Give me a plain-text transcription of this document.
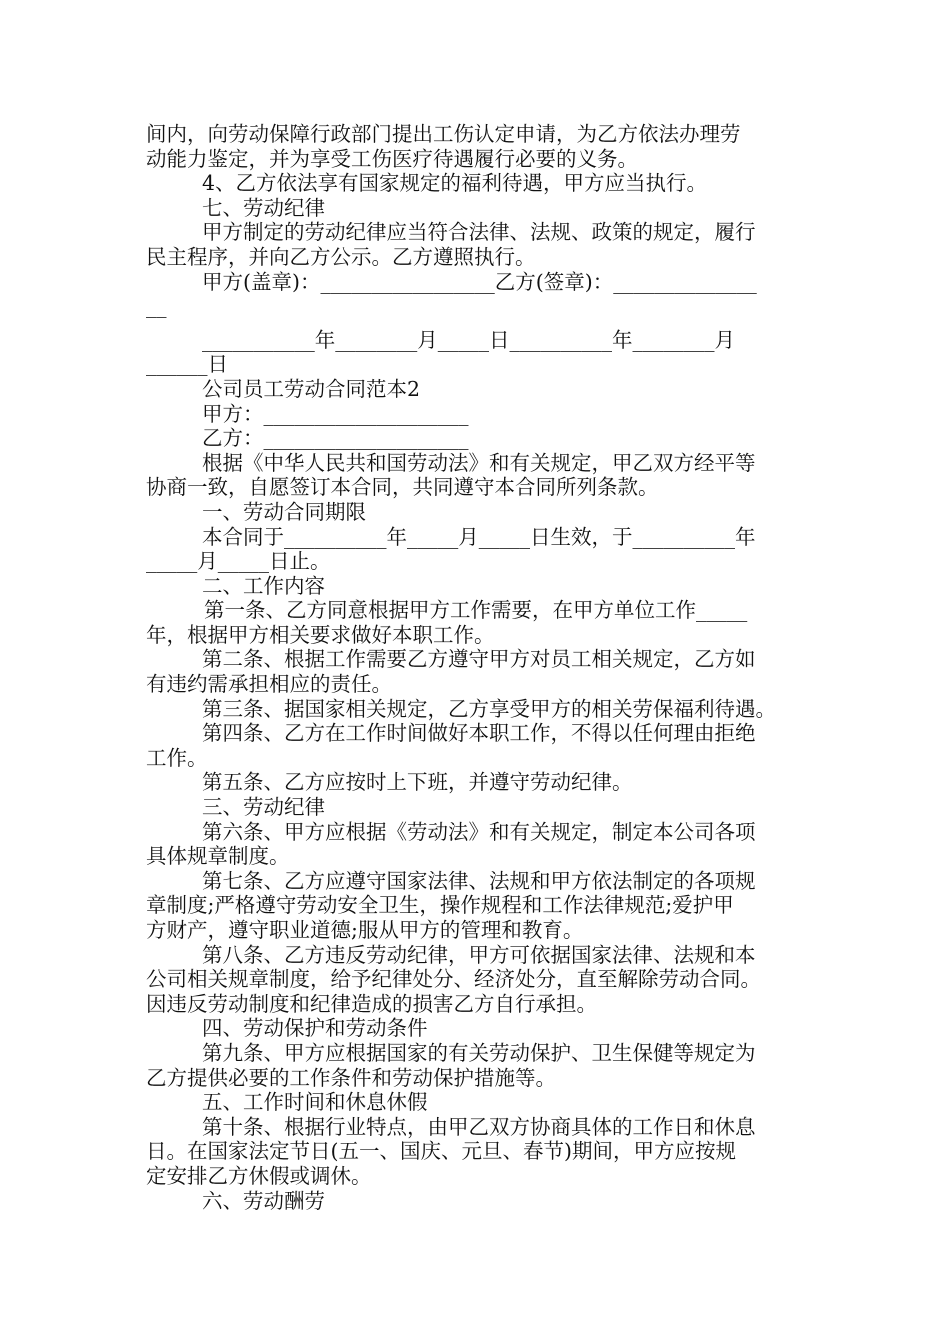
间内，向劳动保障行政部门提出工伤认定申请，为乙方依法办理劳
动能力鉴定，并为享受工伤医疗待遇履行必要的义务。
4、乙方依法享有国家规定的福利待遇，甲方应当执行。
七、劳动纪律
甲方制定的劳动纪律应当符合法律、法规、政策的规定，履行
民主程序，并向乙方公示。乙方遵照执行。
甲方(盖章)：_________________乙方(签章)：______________
__
___________年________月_____日__________年________月
______日
公司员工劳动合同范本2
甲方：____________________
乙方：____________________
根据《中华人民共和国劳动法》和有关规定，甲乙双方经平等
协商一致，自愿签订本合同，共同遵守本合同所列条款。
一、劳动合同期限
本合同于__________年_____月_____日生效，于__________年
_____月_____日止。
二、工作内容
第一条、乙方同意根据甲方工作需要，在甲方单位工作_____
年，根据甲方相关要求做好本职工作。
第二条、根据工作需要乙方遵守甲方对员工相关规定，乙方如
有违约需承担相应的责任。
第三条、据国家相关规定，乙方享受甲方的相关劳保福利待遇。
第四条、乙方在工作时间做好本职工作，不得以任何理由拒绝
工作。
第五条、乙方应按时上下班，并遵守劳动纪律。
三、劳动纪律
第六条、甲方应根据《劳动法》和有关规定，制定本公司各项
具体规章制度。
第七条、乙方应遵守国家法律、法规和甲方依法制定的各项规
章制度;严格遵守劳动安全卫生，操作规程和工作法律规范;爱护甲
方财产，遵守职业道德;服从甲方的管理和教育。
第八条、乙方违反劳动纪律，甲方可依据国家法律、法规和本
公司相关规章制度，给予纪律处分、经济处分，直至解除劳动合同。
因违反劳动制度和纪律造成的损害乙方自行承担。
四、劳动保护和劳动条件
第九条、甲方应根据国家的有关劳动保护、卫生保健等规定为
乙方提供必要的工作条件和劳动保护措施等。
五、工作时间和休息休假
第十条、根据行业特点，由甲乙双方协商具体的工作日和休息
日。在国家法定节日(五一、国庆、元旦、春节)期间，甲方应按规
定安排乙方休假或调休。
六、劳动酬劳
